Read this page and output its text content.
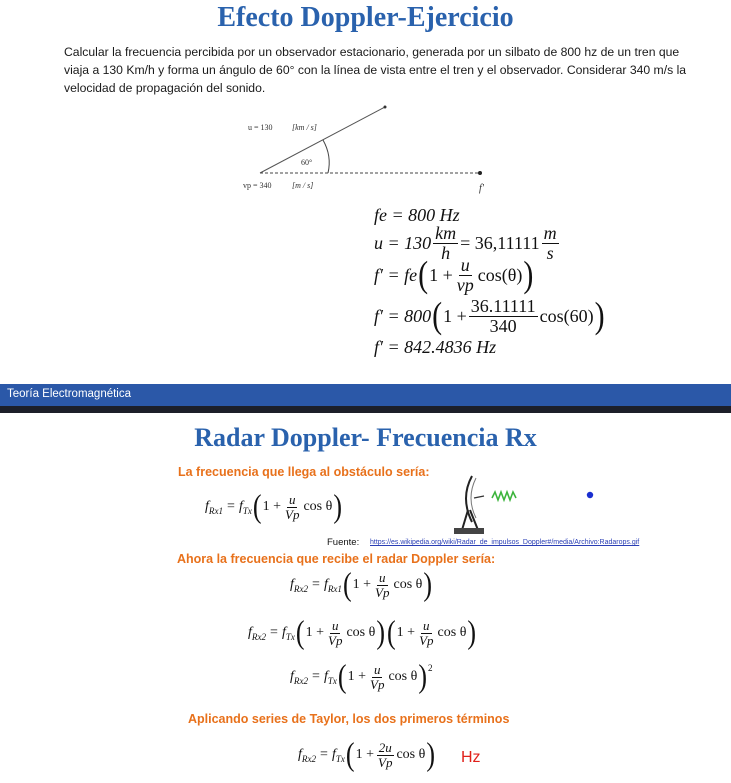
Efecto Doppler-Ejercicio
Calcular la frecuencia percibida por un observador estacionario, generada por un silbato de 800 hz de un tren que viaja a 130 Km/h y forma un ángulo de 60° con la línea de vista entre el tren y el observador. Considerar 340 m/s la velocidad de propagación del sonido.
u = 130 [km / s]
60°
vp = 340	[m / s]	f'
fe = 800 Hz
$u = 130 \frac{km}{h} = 36,11111 \frac{m}{s}$
f′ = fe ( $1 + \frac{u}{vp} \cos(\theta)$ )
f′ = 800 ( $1 + \frac{36.11111}{340} \cos(60)$ )
f′ = 842.4836 Hz
Teoría Electromagnética
Radar Doppler- Frecuencia Rx
La frecuencia que llega al obstáculo sería:
$f_{Rx1} = f_{Tx}$ ( $1 + \frac{u}{Vp}$ cos θ )
Fuente: https://es.wikipedia.org/wiki/Radar_de_impulsos_Doppler#/media/Archivo:Radarops.gif
Ahora la frecuencia que recibe el radar Doppler sería:
$f_{Rx2} = f_{Rx1}$ ( $1 + \frac{u}{Vp}$ cos θ )
$f_{Rx2} = f_{Tx}$ ( $1 + \frac{u}{Vp}$ cos θ ) ( $1 + \frac{u}{Vp}$ cos θ )
$f_{Rx2} = f_{Tx}$ ( $1 + \frac{u}{Vp}$ cos θ )$^2$
Aplicando series de Taylor, los dos primeros términos
$f_{Rx2} = f_{Tx}$ ( $1 + \frac{2u}{Vp}$ cos θ ) Hz
